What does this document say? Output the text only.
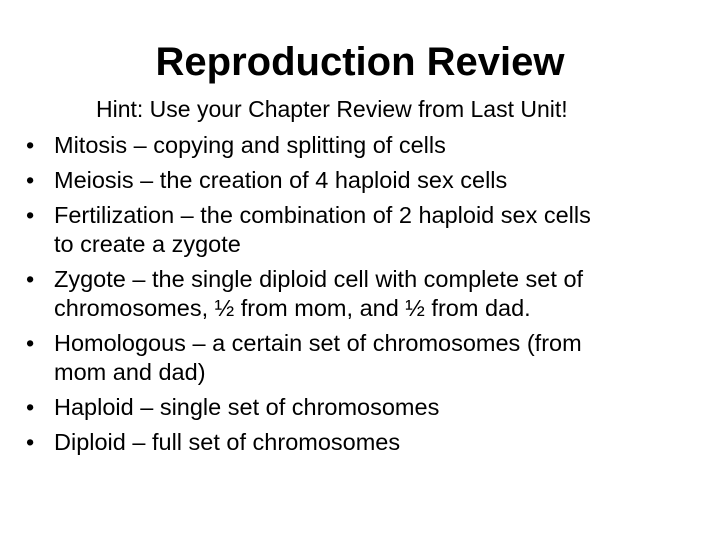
Reproduction Review
Hint: Use your Chapter Review from Last Unit!
• Mitosis – copying and splitting of cells
• Meiosis – the creation of 4 haploid sex cells
• Fertilization – the combination of 2 haploid sex cells
to create a zygote
• Zygote – the single diploid cell with complete set of
chromosomes, ½ from mom, and ½ from dad.
• Homologous – a certain set of chromosomes (from
mom and dad)
• Haploid – single set of chromosomes
• Diploid – full set of chromosomes
